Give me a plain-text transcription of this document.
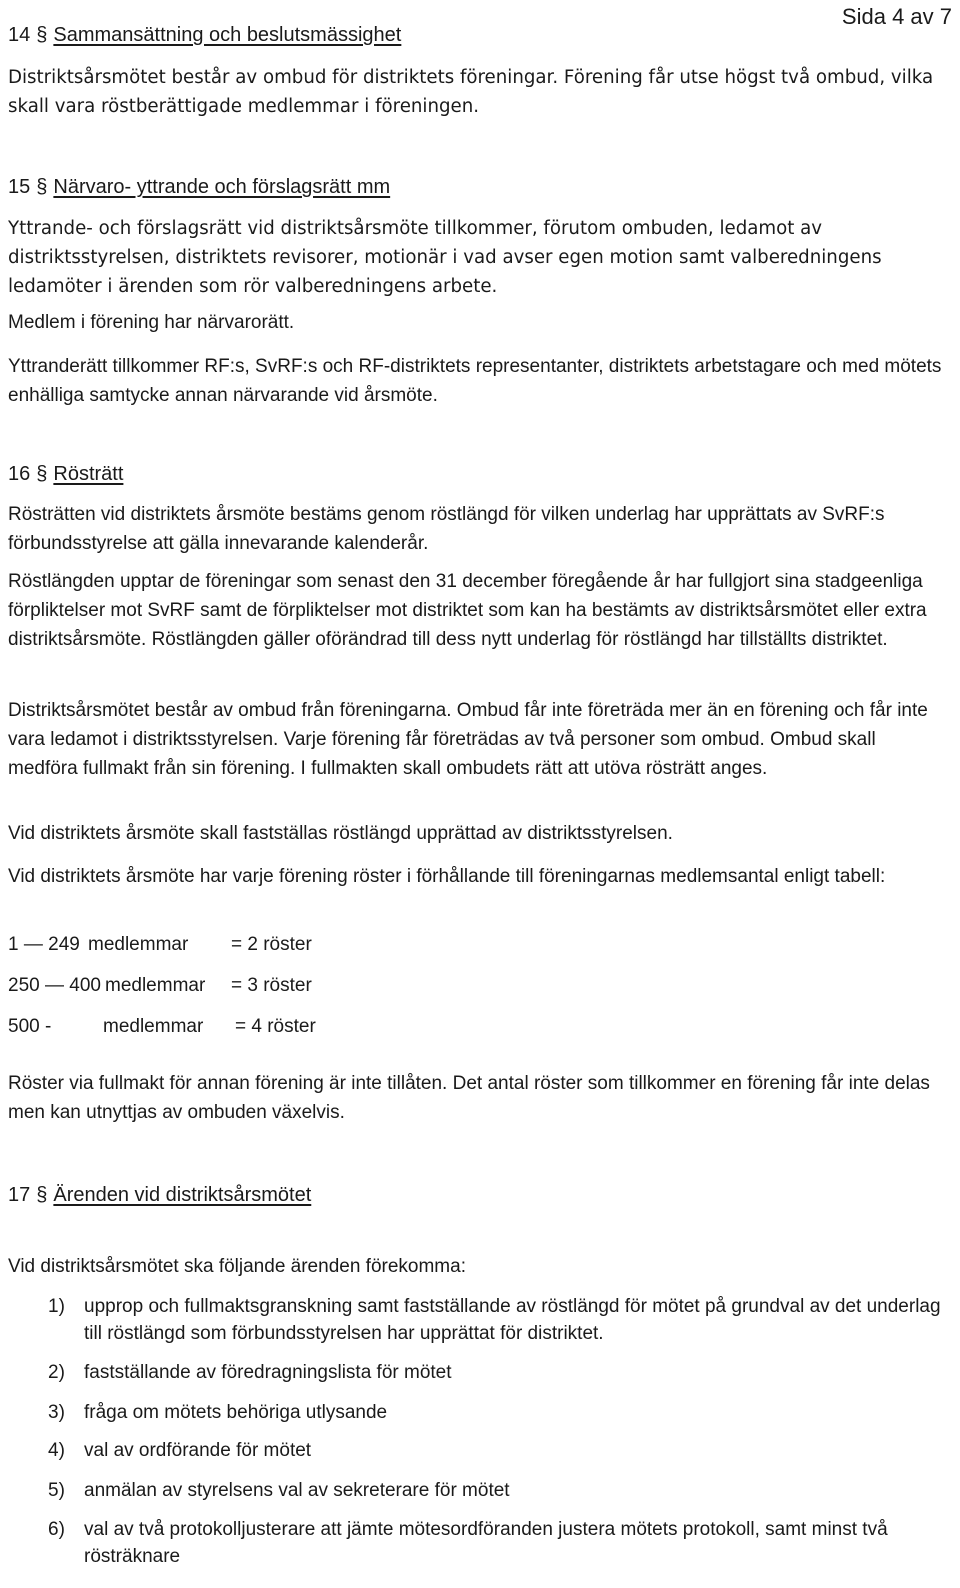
Sida 4 av 7
14 § Sammansättning och beslutsmässighet

Distriktsårsmötet består av ombud för distriktets föreningar. Förening får utse högst två ombud, vilka skall vara röstberättigade medlemmar i föreningen.

15 § Närvaro- yttrande och förslagsrätt mm

Yttrande- och förslagsrätt vid distriktsårsmöte tillkommer, förutom ombuden, ledamot av distriktsstyrelsen, distriktets revisorer, motionär i vad avser egen motion samt valberedningens ledamöter i ärenden som rör valberedningens arbete.

Medlem i förening har närvarorätt.

Yttranderätt tillkommer RF:s, SvRF:s och RF-distriktets representanter, distriktets arbetstagare och med mötets enhälliga samtycke annan närvarande vid årsmöte.

16 § Rösträtt

Rösträtten vid distriktets årsmöte bestäms genom röstlängd för vilken underlag har upprättats av SvRF:s förbundsstyrelse att gälla innevarande kalenderår.

Röstlängden upptar de föreningar som senast den 31 december föregående år har fullgjort sina stadgeenliga förpliktelser mot SvRF samt de förpliktelser mot distriktet som kan ha bestämts av distriktsårsmötet eller extra distriktsårsmöte. Röstlängden gäller oförändrad till dess nytt underlag för röstlängd har tillställts distriktet.

Distriktsårsmötet består av ombud från föreningarna. Ombud får inte företräda mer än en förening och får inte vara ledamot i distriktsstyrelsen. Varje förening får företrädas av två personer som ombud. Ombud skall medföra fullmakt från sin förening. I fullmakten skall ombudets rätt att utöva rösträtt anges.

Vid distriktets årsmöte skall fastställas röstlängd upprättad av distriktsstyrelsen.

Vid distriktets årsmöte har varje förening röster i förhållande till föreningarnas medlemsantal enligt tabell:

1 — 249 medlemmar = 2 röster
250 — 400 medlemmar = 3 röster
500 -	medlemmar = 4 röster

Röster via fullmakt för annan förening är inte tillåten. Det antal röster som tillkommer en förening får inte delas men kan utnyttjas av ombuden växelvis.

17 § Ärenden vid distriktsårsmötet

Vid distriktsårsmötet ska följande ärenden förekomma:

1)	upprop och fullmaktsgranskning samt fastställande av röstlängd för mötet på grundval av det underlag till röstlängd som förbundsstyrelsen har upprättat för distriktet.
2)	fastställande av föredragningslista för mötet
3)	fråga om mötets behöriga utlysande
4)	val av ordförande för mötet
5)	anmälan av styrelsens val av sekreterare för mötet
6)	val av två protokolljusterare att jämte mötesordföranden justera mötets protokoll, samt minst två rösträknare
